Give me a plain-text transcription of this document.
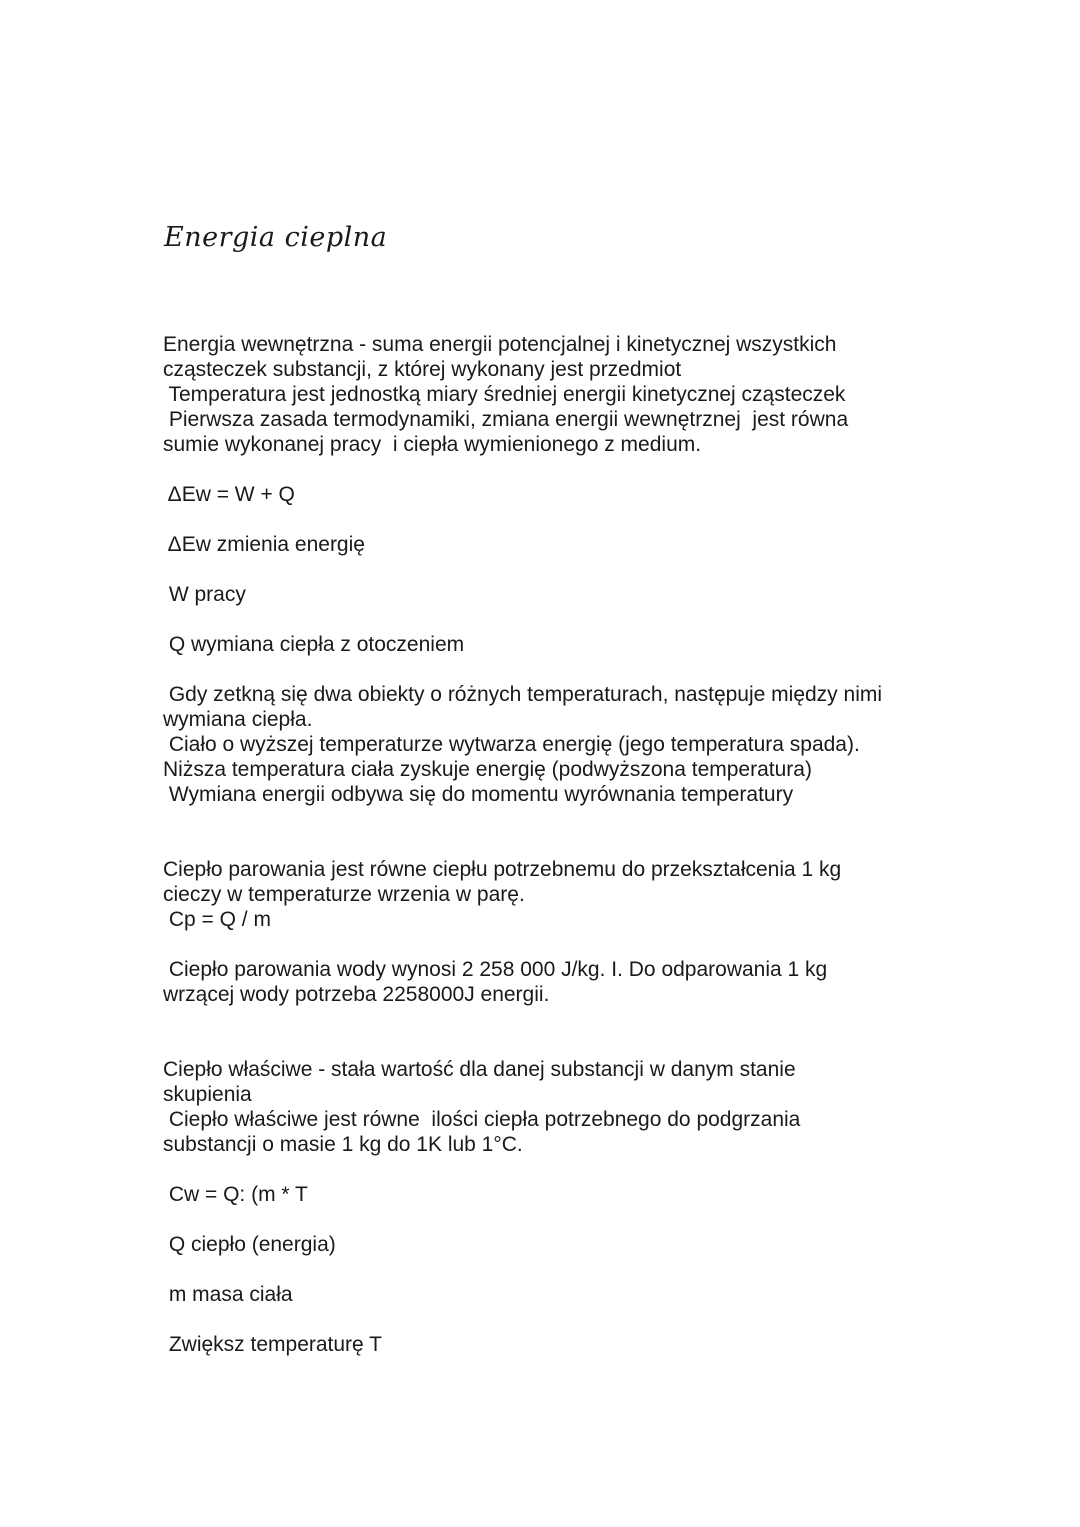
Energia cieplna
Energia wewnętrzna - suma energii potencjalnej i kinetycznej wszystkich
cząsteczek substancji, z której wykonany jest przedmiot
Temperatura jest jednostką miary średniej energii kinetycznej cząsteczek
Pierwsza zasada termodynamiki, zmiana energii wewnętrznej  jest równa
sumie wykonanej pracy  i ciepła wymienionego z medium.
ΔEw = W + Q
ΔEw zmienia energię
W pracy
Q wymiana ciepła z otoczeniem
Gdy zetkną się dwa obiekty o różnych temperaturach, następuje między nimi
wymiana ciepła.
Ciało o wyższej temperaturze wytwarza energię (jego temperatura spada).
Niższa temperatura ciała zyskuje energię (podwyższona temperatura)
Wymiana energii odbywa się do momentu wyrównania temperatury
Ciepło parowania jest równe ciepłu potrzebnemu do przekształcenia 1 kg
cieczy w temperaturze wrzenia w parę.
Cp = Q / m
Ciepło parowania wody wynosi 2 258 000 J/kg. I. Do odparowania 1 kg
wrzącej wody potrzeba 2258000J energii.
Ciepło właściwe - stała wartość dla danej substancji w danym stanie
skupienia
Ciepło właściwe jest równe  ilości ciepła potrzebnego do podgrzania
substancji o masie 1 kg do 1K lub 1°C.
Cw = Q: (m * T
Q ciepło (energia)
m masa ciała
Zwiększ temperaturę T
